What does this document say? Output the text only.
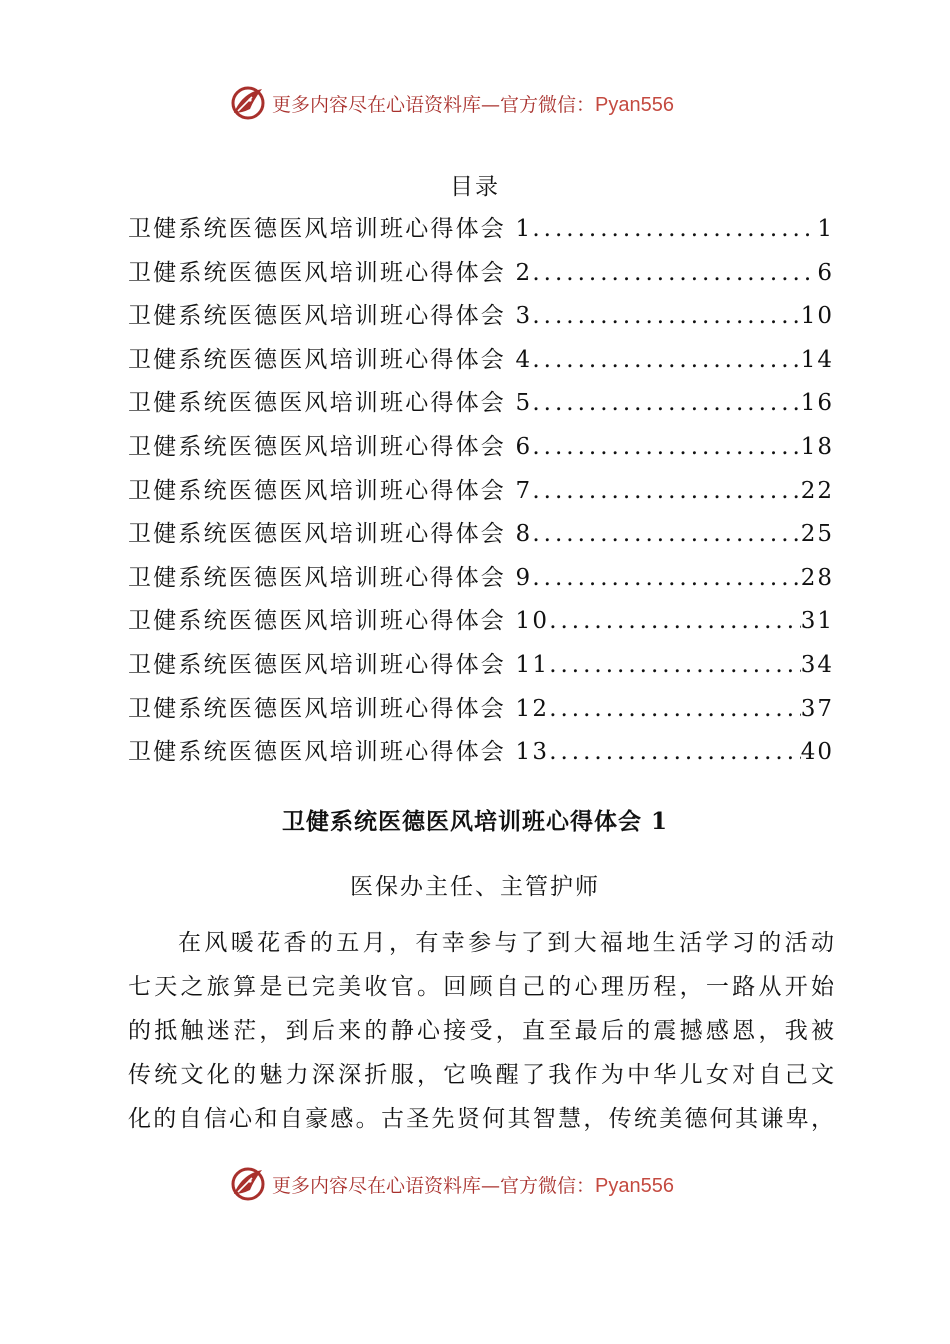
更多内容尽在心语资料库—官方微信：Pyan556
目录
卫健系统医德医风培训班心得体会 1 .....	1
卫健系统医德医风培训班心得体会 2 .....	6
卫健系统医德医风培训班心得体会 3 .....	10
卫健系统医德医风培训班心得体会 4 .....	14
卫健系统医德医风培训班心得体会 5 .....	16
卫健系统医德医风培训班心得体会 6 .....	18
卫健系统医德医风培训班心得体会 7 .....	22
卫健系统医德医风培训班心得体会 8 .....	25
卫健系统医德医风培训班心得体会 9 .....	28
卫健系统医德医风培训班心得体会 10 .....	31
卫健系统医德医风培训班心得体会 11 .....	34
卫健系统医德医风培训班心得体会 12 .....	37
卫健系统医德医风培训班心得体会 13 .....	40
卫健系统医德医风培训班心得体会 1
医保办主任、主管护师
在风暖花香的五月，有幸参与了到大福地生活学习的活动
七天之旅算是已完美收官。回顾自己的心理历程，一路从开始
的抵触迷茫，到后来的静心接受，直至最后的震撼感恩，我被
传统文化的魅力深深折服，它唤醒了我作为中华儿女对自己文
化的自信心和自豪感。古圣先贤何其智慧，传统美德何其谦卑，
更多内容尽在心语资料库—官方微信：Pyan556
